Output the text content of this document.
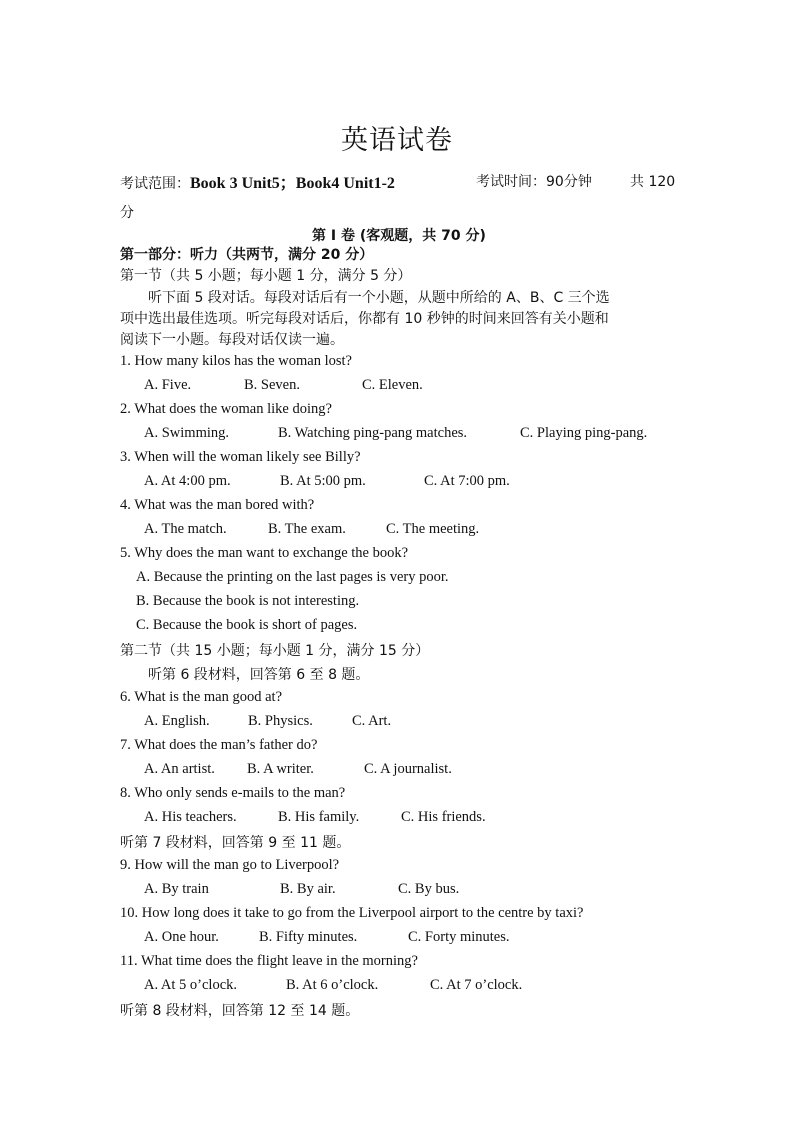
英语试卷
考试范围：Book 3 Unit5；Book4 Unit1-2	考试时间：90分钟	共 120
分
第 I 卷 (客观题，共 70 分)
第一部分：听力（共两节，满分 20 分）
第一节（共 5 小题；每小题 1 分，满分 5 分）
听下面 5 段对话。每段对话后有一个小题，从题中所给的 A、B、C 三个选
项中选出最佳选项。听完每段对话后，你都有 10 秒钟的时间来回答有关小题和
阅读下一小题。每段对话仅读一遍。
1. How many kilos has the woman lost?
A. Five.	B. Seven.	C. Eleven.
2. What does the woman like doing?
A. Swimming.	B. Watching ping-pang matches.	C. Playing ping-pang.
3. When will the woman likely see Billy?
A. At 4:00 pm.	B. At 5:00 pm.	C. At 7:00 pm.
4. What was the man bored with?
A. The match.	B. The exam.	C. The meeting.
5. Why does the man want to exchange the book?
A. Because the printing on the last pages is very poor.
B. Because the book is not interesting.
C. Because the book is short of pages.
第二节（共 15 小题；每小题 1 分，满分 15 分）
听第 6 段材料，回答第 6 至 8 题。
6. What is the man good at?
A. English.	B. Physics.	C. Art.
7. What does the man’s father do?
A. An artist. B. A writer.	C. A journalist.
8. Who only sends e-mails to the man?
A. His teachers.	B. His family.	C. His friends.
听第 7 段材料，回答第 9 至 11 题。
9. How will the man go to Liverpool?
A. By train	B. By air.	C. By bus.
10. How long does it take to go from the Liverpool airport to the centre by taxi?
A. One hour.	B. Fifty minutes.	C. Forty minutes.
11. What time does the flight leave in the morning?
A. At 5 o’clock.	B. At 6 o’clock.	C. At 7 o’clock.
听第 8 段材料，回答第 12 至 14 题。
